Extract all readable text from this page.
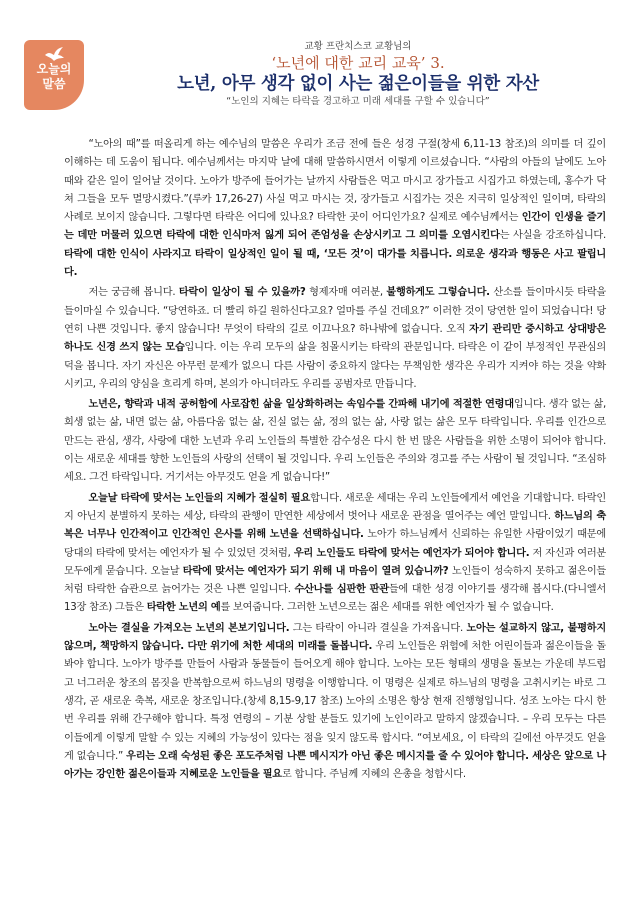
오늘의
말씀
교황 프란치스코 교황님의
‘노년에 대한 교리 교육’ 3.
노년, 아무 생각 없이 사는 젊은이들을 위한 자산
“노인의 지혜는 타락을 경고하고 미래 세대를 구할 수 있습니다”

“노아의 때”를 떠올리게 하는 예수님의 말씀은 우리가 조금 전에 들은 성경 구절(창세 6,11-13 참조)의 의미를 더 깊이 이해하는 데 도움이 됩니다. 예수님께서는 마지막 날에 대해 말씀하시면서 이렇게 이르셨습니다. “사람의 아들의 날에도 노아 때와 같은 일이 일어날 것이다. 노아가 방주에 들어가는 날까지 사람들은 먹고 마시고 장가들고 시집가고 하였는데, 홍수가 닥쳐 그들을 모두 멸망시켰다.”(루카 17,26-27) 사실 먹고 마시는 것, 장가들고 시집가는 것은 지극히 일상적인 일이며, 타락의 사례로 보이지 않습니다. 그렇다면 타락은 어디에 있나요? 타락한 곳이 어디인가요? 실제로 예수님께서는 인간이 인생을 즐기는 데만 머물러 있으면 타락에 대한 인식마저 잃게 되어 존엄성을 손상시키고 그 의미를 오염시킨다는 사실을 강조하십니다. 타락에 대한 인식이 사라지고 타락이 일상적인 일이 될 때, ‘모든 것’이 대가를 치릅니다. 의로운 생각과 행동은 사고 팔립니다.

저는 궁금해 봅니다. 타락이 일상이 될 수 있을까? 형제자매 여러분, 불행하게도 그렇습니다. 산소를 들이마시듯 타락을 들이마실 수 있습니다. “당연하죠. 더 빨리 하길 원하신다고요? 얼마를 주실 건데요?” 이러한 것이 당연한 일이 되었습니다! 당연히 나쁜 것입니다. 좋지 않습니다! 무엇이 타락의 길로 이끄나요? 하나밖에 없습니다. 오직 자기 관리만 중시하고 상대방은 하나도 신경 쓰지 않는 모습입니다. 이는 우리 모두의 삶을 침몰시키는 타락의 관문입니다. 타락은 이 같이 부정적인 무관심의 덕을 봅니다. 자기 자신은 아무런 문제가 없으니 다른 사람이 중요하지 않다는 무책임한 생각은 우리가 지켜야 하는 것을 약화시키고, 우리의 양심을 흐리게 하며, 본의가 아니더라도 우리를 공범자로 만듭니다.

노년은, 향락과 내적 공허함에 사로잡힌 삶을 일상화하려는 속임수를 간파해 내기에 적절한 연령대입니다. 생각 없는 삶, 희생 없는 삶, 내면 없는 삶, 아름다움 없는 삶, 진실 없는 삶, 정의 없는 삶, 사랑 없는 삶은 모두 타락입니다. 우리를 인간으로 만드는 관심, 생각, 사랑에 대한 노년과 우리 노인들의 특별한 감수성은 다시 한 번 많은 사람들을 위한 소명이 되어야 합니다. 이는 새로운 세대를 향한 노인들의 사랑의 선택이 될 것입니다. 우리 노인들은 주의와 경고를 주는 사람이 될 것입니다. “조심하세요. 그건 타락입니다. 거기서는 아무것도 얻을 게 없습니다!”

오늘날 타락에 맞서는 노인들의 지혜가 절실히 필요합니다. 새로운 세대는 우리 노인들에게서 예언을 기대합니다. 타락인지 아닌지 분별하지 못하는 세상, 타락의 관행이 만연한 세상에서 벗어나 새로운 관점을 열어주는 예언 말입니다. 하느님의 축복은 너무나 인간적이고 인간적인 은사를 위해 노년을 선택하십니다. 노아가 하느님께서 신뢰하는 유일한 사람이었기 때문에 당대의 타락에 맞서는 예언자가 될 수 있었던 것처럼, 우리 노인들도 타락에 맞서는 예언자가 되어야 합니다. 저 자신과 여러분 모두에게 묻습니다. 오늘날 타락에 맞서는 예언자가 되기 위해 내 마음이 열려 있습니까? 노인들이 성숙하지 못하고 젊은이들처럼 타락한 습관으로 늙어가는 것은 나쁜 일입니다. 수산나를 심판한 판관들에 대한 성경 이야기를 생각해 봅시다.(다니엘서 13장 참조) 그들은 타락한 노년의 예를 보여줍니다. 그러한 노년으로는 젊은 세대를 위한 예언자가 될 수 없습니다.

노아는 결실을 가져오는 노년의 본보기입니다. 그는 타락이 아니라 결실을 가져옵니다. 노아는 설교하지 않고, 불평하지 않으며, 책망하지 않습니다. 다만 위기에 처한 세대의 미래를 돌봅니다. 우리 노인들은 위험에 처한 어린이들과 젊은이들을 돌봐야 합니다. 노아가 방주를 만들어 사람과 동물들이 들어오게 해야 합니다. 노아는 모든 형태의 생명을 돌보는 가운데 부드럽고 너그러운 창조의 몸짓을 반복함으로써 하느님의 명령을 이행합니다. 이 명령은 실제로 하느님의 명령을 고취시키는 바로 그 생각, 곧 새로운 축복, 새로운 창조입니다.(창세 8,15-9,17 참조) 노아의 소명은 항상 현재 진행형입니다. 성조 노아는 다시 한 번 우리를 위해 간구해야 합니다. 특정 연령의 – 기분 상할 분들도 있기에 노인이라고 말하지 않겠습니다. – 우리 모두는 다른 이들에게 이렇게 말할 수 있는 지혜의 가능성이 있다는 점을 잊지 않도록 합시다. “여보세요, 이 타락의 길에선 아무것도 얻을 게 없습니다.” 우리는 오래 숙성된 좋은 포도주처럼 나쁜 메시지가 아닌 좋은 메시지를 줄 수 있어야 합니다. 세상은 앞으로 나아가는 강인한 젊은이들과 지혜로운 노인들을 필요로 합니다. 주님께 지혜의 은총을 청합시다.
